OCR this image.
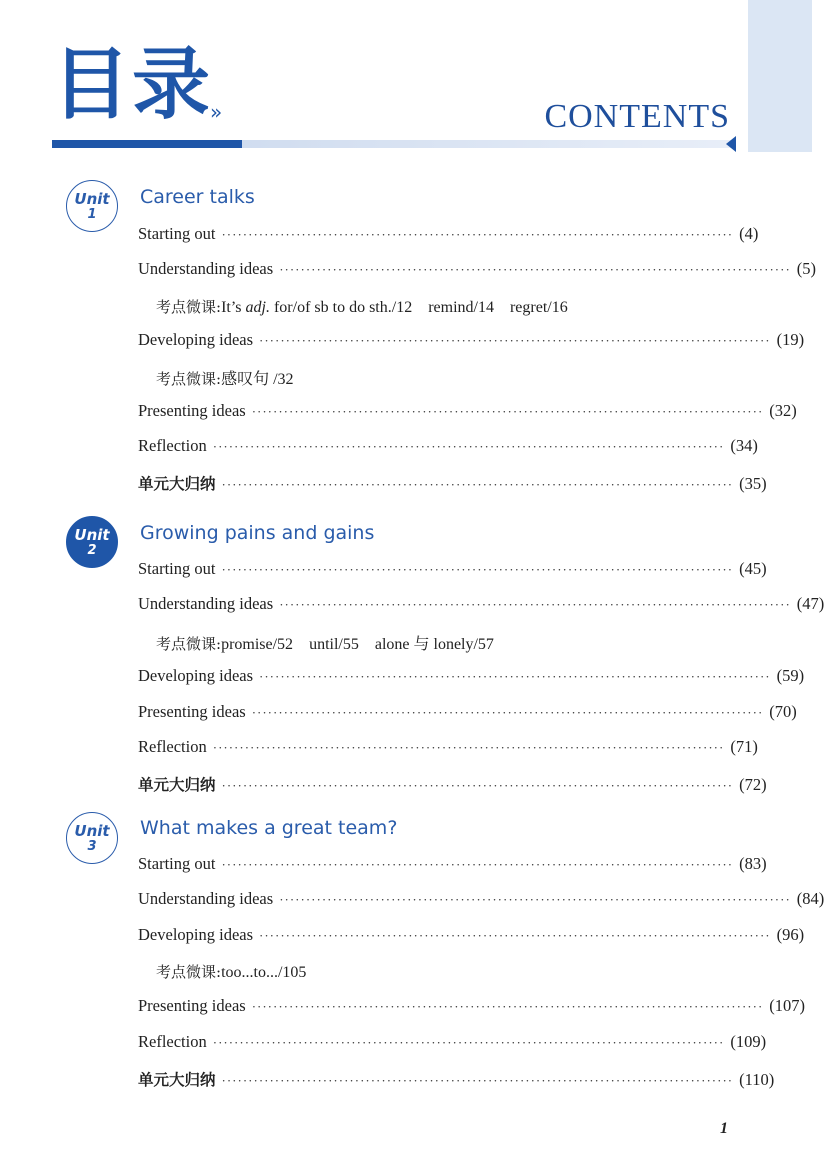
目录
»	CONTENTS
Unit
1
Career talks
Starting out ································································································ ( 4 )
Understanding ideas ································································································ ( 5 )
考点微课:It’s adj. for/of sb to do sth./12 remind/14 regret/16
Developing ideas ································································································ ( 19 )
考点微课:感叹句 /32
Presenting ideas ································································································ ( 32 )
Reflection ································································································ ( 34 )
单元大归纳 ································································································ ( 35 )
Unit
2
Growing pains and gains
Starting out ································································································ ( 45 )
Understanding ideas ································································································ ( 47 )
考点微课:promise/52 until/55 alone 与 lonely/57
Developing ideas ································································································ ( 59 )
Presenting ideas ································································································ ( 70 )
Reflection ································································································ ( 71 )
单元大归纳 ································································································ ( 72 )
Unit
3
What makes a great team?
Starting out ································································································ ( 83 )
Understanding ideas ································································································ ( 84 )
Developing ideas ································································································ ( 96 )
考点微课:too...to.../105
Presenting ideas ································································································ ( 107 )
Reflection ································································································ ( 109 )
单元大归纳 ································································································ ( 110 )
1
